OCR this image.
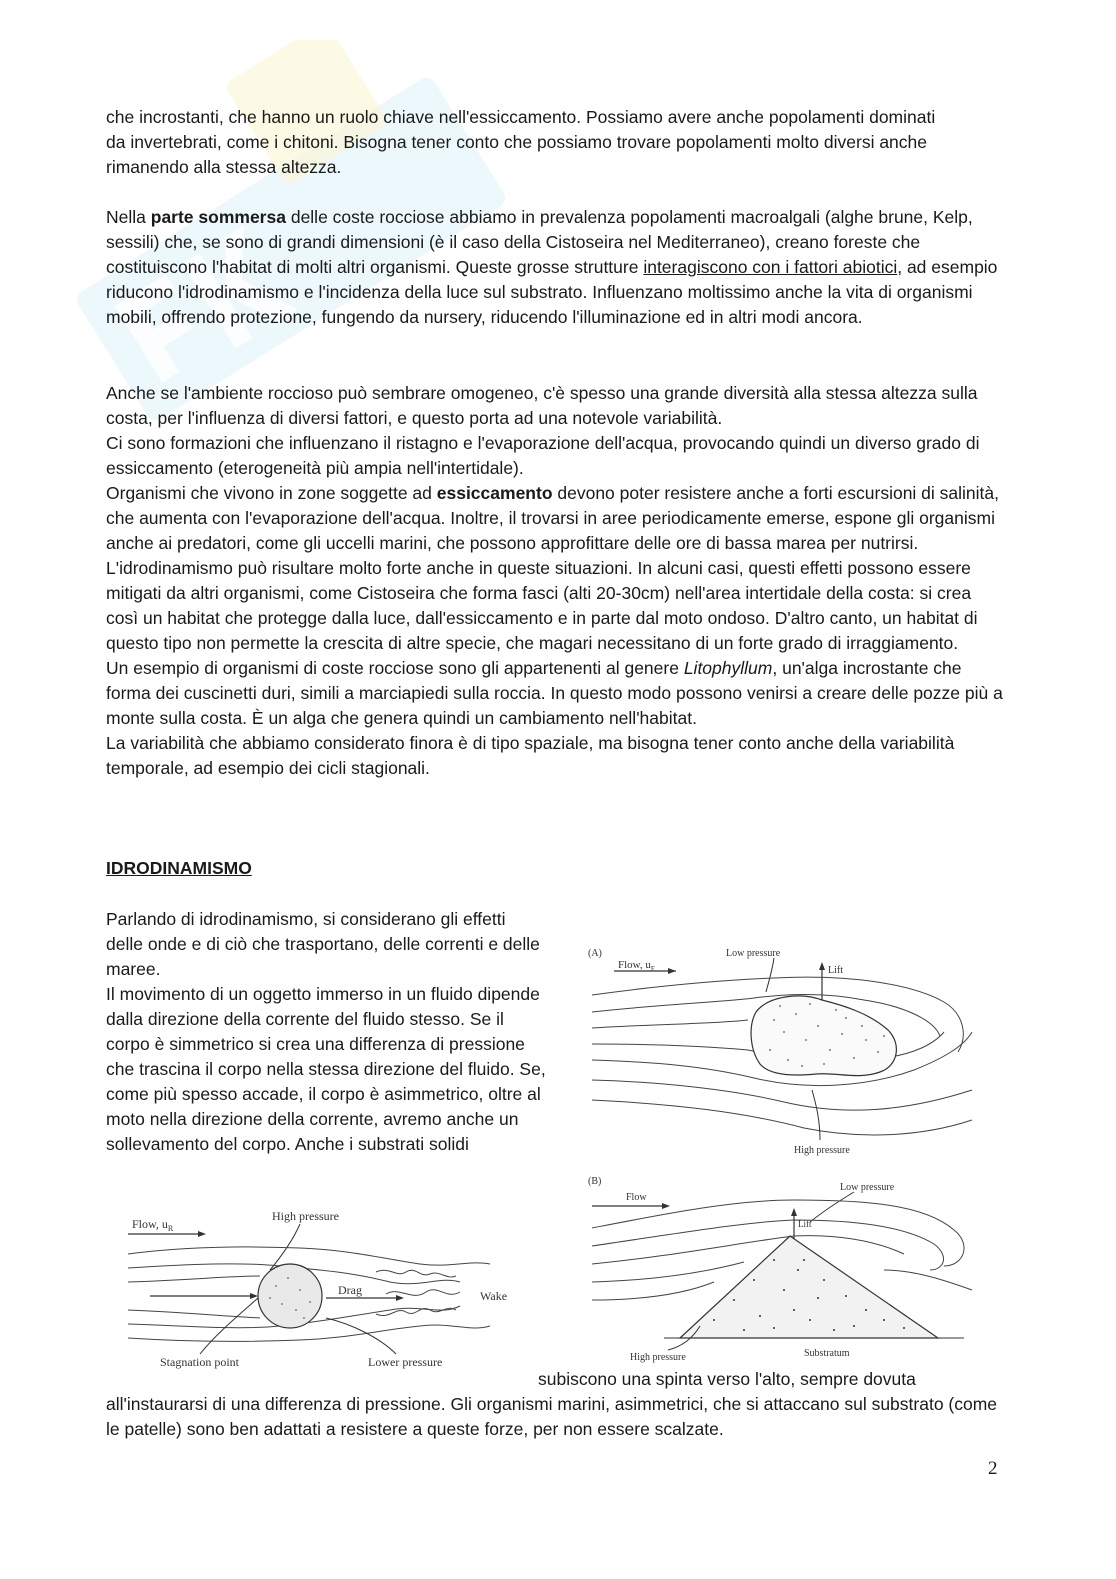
che incrostanti, che hanno un ruolo chiave nell'essiccamento. Possiamo avere anche popolamenti dominati

da invertebrati, come i chitoni. Bisogna tener conto che possiamo trovare popolamenti molto diversi anche

rimanendo alla stessa altezza.

Nella parte sommersa delle coste rocciose abbiamo in prevalenza popolamenti macroalgali (alghe brune, Kelp, sessili) che, se sono di grandi dimensioni (è il caso della Cistoseira nel Mediterraneo), creano foreste che costituiscono l'habitat di molti altri organismi. Queste grosse strutture interagiscono con i fattori abiotici, ad esempio riducono l'idrodinamismo e l'incidenza della luce sul substrato. Influenzano moltissimo anche la vita di organismi mobili, offrendo protezione, fungendo da nursery, riducendo l'illuminazione ed in altri modi ancora.

Anche se l'ambiente roccioso può sembrare omogeneo, c'è spesso una grande diversità alla stessa altezza sulla costa, per l'influenza di diversi fattori, e questo porta ad una notevole variabilità.

Ci sono formazioni che influenzano il ristagno e l'evaporazione dell'acqua, provocando quindi un diverso grado di essiccamento (eterogeneità più ampia nell'intertidale).

Organismi che vivono in zone soggette ad essiccamento devono poter resistere anche a forti escursioni di salinità, che aumenta con l'evaporazione dell'acqua. Inoltre, il trovarsi in aree periodicamente emerse, espone gli organismi anche ai predatori, come gli uccelli marini, che possono approfittare delle ore di bassa marea per nutrirsi. L'idrodinamismo può risultare molto forte anche in queste situazioni. In alcuni casi, questi effetti possono essere mitigati da altri organismi, come Cistoseira che forma fasci (alti 20-30cm) nell'area intertidale della costa: si crea così un habitat che protegge dalla luce, dall'essiccamento e in parte dal moto ondoso. D'altro canto, un habitat di questo tipo non permette la crescita di altre specie, che magari necessitano di un forte grado di irraggiamento.

Un esempio di organismi di coste rocciose sono gli appartenenti al genere Litophyllum, un'alga incrostante che forma dei cuscinetti duri, simili a marciapiedi sulla roccia. In questo modo possono venirsi a creare delle pozze più a monte sulla costa. È un alga che genera quindi un cambiamento nell'habitat.

La variabilità che abbiamo considerato finora è di tipo spaziale, ma bisogna tener conto anche della variabilità temporale, ad esempio dei cicli stagionali.

IDRODINAMISMO

Parlando di idrodinamismo, si considerano gli effetti delle onde e di ciò che trasportano, delle correnti e delle maree.

Il movimento di un oggetto immerso in un fluido dipende dalla direzione della corrente del fluido stesso. Se il corpo è simmetrico si crea una differenza di pressione che trascina il corpo nella stessa direzione del fluido. Se, come più spesso accade, il corpo è asimmetrico, oltre al moto nella direzione della corrente, avremo anche un sollevamento del corpo. Anche i substrati solidi

(A)
Flow, $u_E$
Low pressure
Lift
High pressure
(B)
Flow
Low pressure
Lift
High pressure	Substratum
Flow, $u_R$
High pressure
Drag	Wake
Stagnation point	Lower pressure
subiscono una spinta verso l'alto, sempre dovuta
all'instaurarsi di una differenza di pressione. Gli organismi marini, asimmetrici, che si attaccano sul substrato (come le patelle) sono ben adattati a resistere a queste forze, per non essere scalzate.
2
